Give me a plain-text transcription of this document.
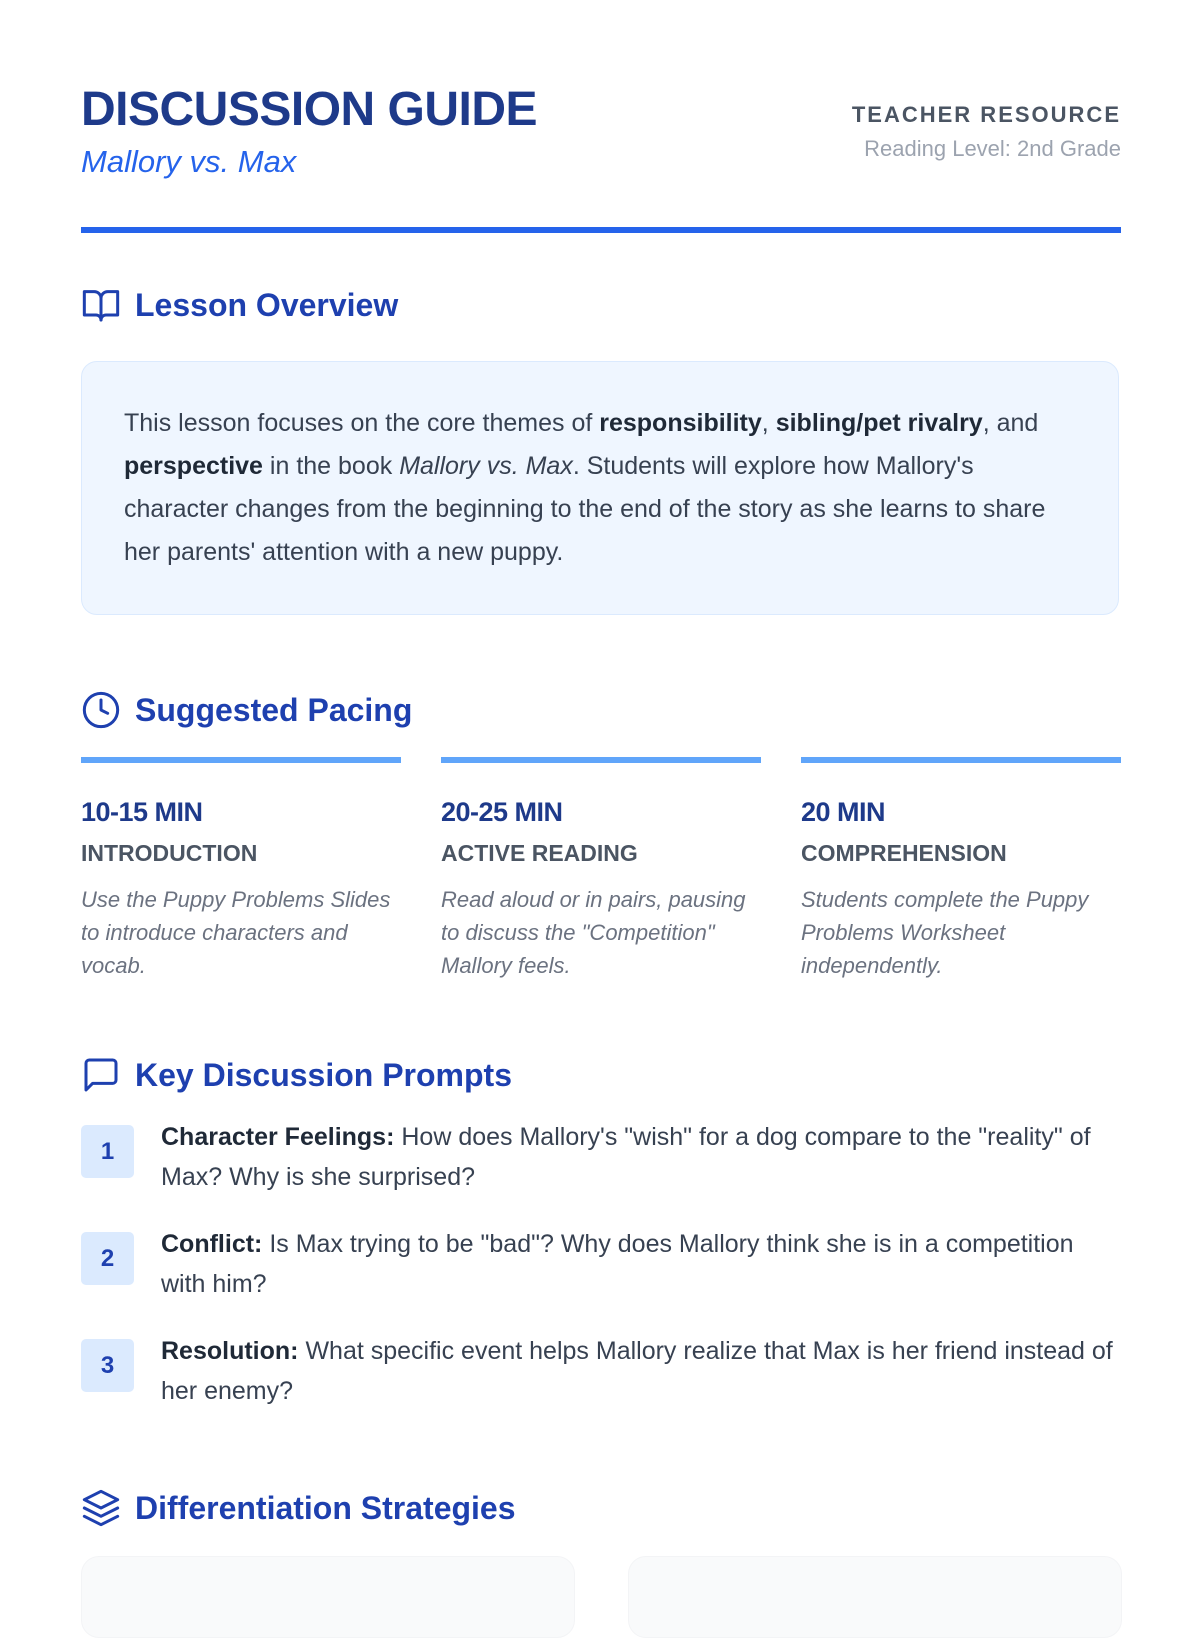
DISCUSSION GUIDE
Mallory vs. Max
TEACHER RESOURCE
Reading Level: 2nd Grade
Lesson Overview

This lesson focuses on the core themes of responsibility, sibling/pet rivalry, and perspective in the book Mallory vs. Max. Students will explore how Mallory's character changes from the beginning to the end of the story as she learns to share her parents' attention with a new puppy.

Suggested Pacing
10-15 MIN
INTRODUCTION
Use the Puppy Problems Slides to introduce characters and vocab.
20-25 MIN
ACTIVE READING
Read aloud or in pairs, pausing to discuss the "Competition" Mallory feels.
20 MIN
COMPREHENSION
Students complete the Puppy Problems Worksheet independently.
Key Discussion Prompts
1	Character Feelings: How does Mallory's "wish" for a dog compare to the "reality" of Max? Why is she surprised?
2	Conflict: Is Max trying to be "bad"? Why does Mallory think she is in a competition with him?
3	Resolution: What specific event helps Mallory realize that Max is her friend instead of her enemy?
Differentiation Strategies
